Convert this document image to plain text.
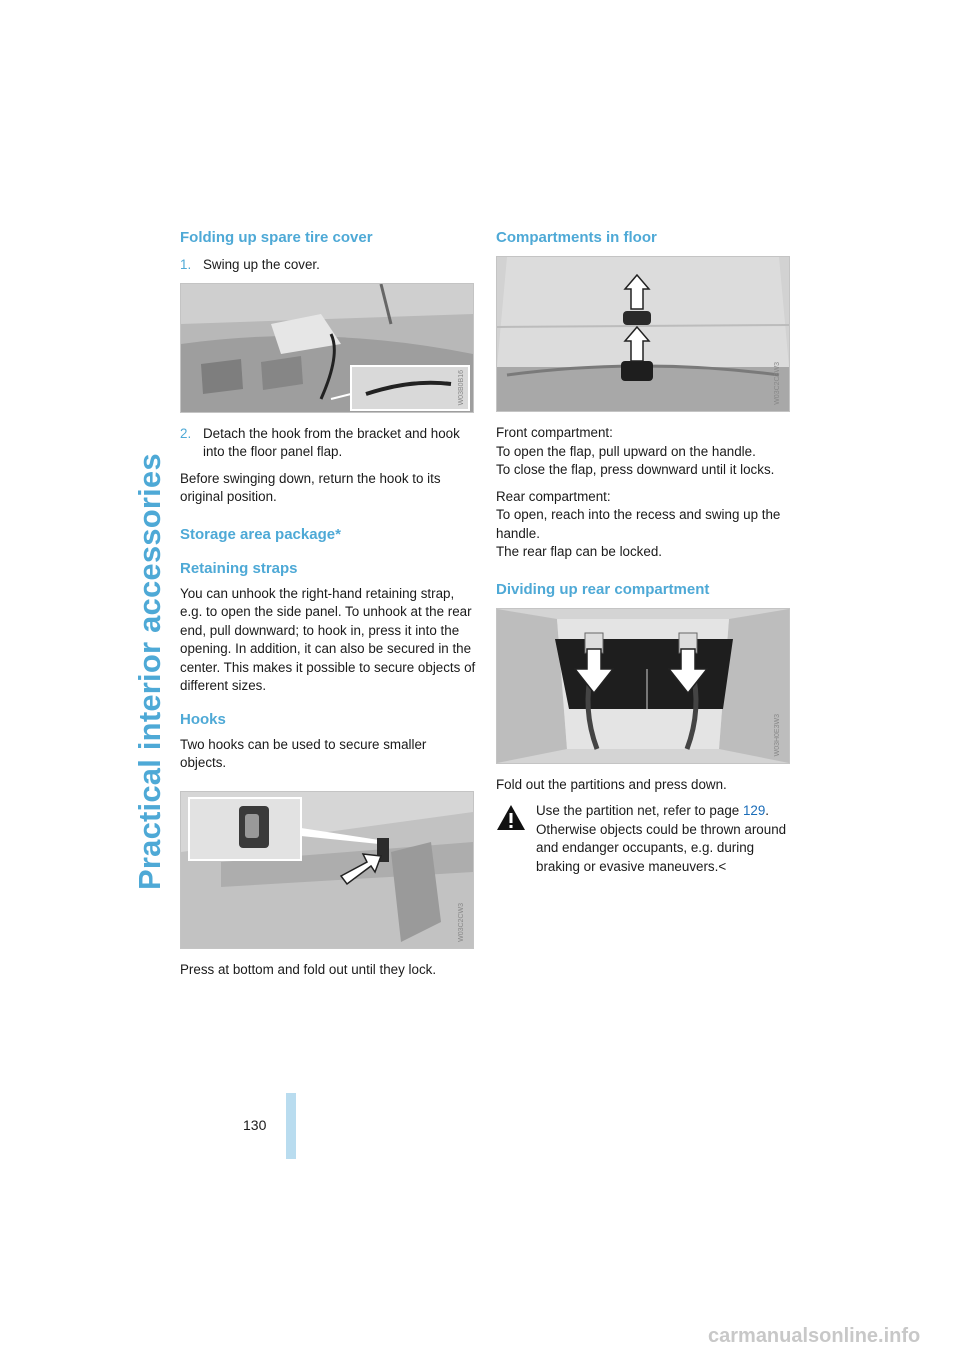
Practical interior accessories
Folding up spare tire cover
1. Swing up the cover.
W03B0B16
2. Detach the hook from the bracket and hook into the floor panel flap.

Before swinging down, return the hook to its original position.

Storage area package*
Retaining straps

You can unhook the right-hand retaining strap, e.g. to open the side panel. To unhook at the rear end, pull downward; to hook in, press it into the opening. In addition, it can also be secured in the center. This makes it possible to secure objects of different sizes.

Hooks

Two hooks can be used to secure smaller objects.

W03C2CW3

Press at bottom and fold out until they lock.

Compartments in floor
W03C2C3W3

Front compartment:
To open the flap, pull upward on the handle.
To close the flap, press downward until it locks.

Rear compartment:
To open, reach into the recess and swing up the handle.
The rear flap can be locked.

Dividing up rear compartment
W03H0E3W3

Fold out the partitions and press down.

Use the partition net, refer to page 129. Otherwise objects could be thrown around and endanger occupants, e.g. during braking or evasive maneuvers.<
130
carmanualsonline.info
